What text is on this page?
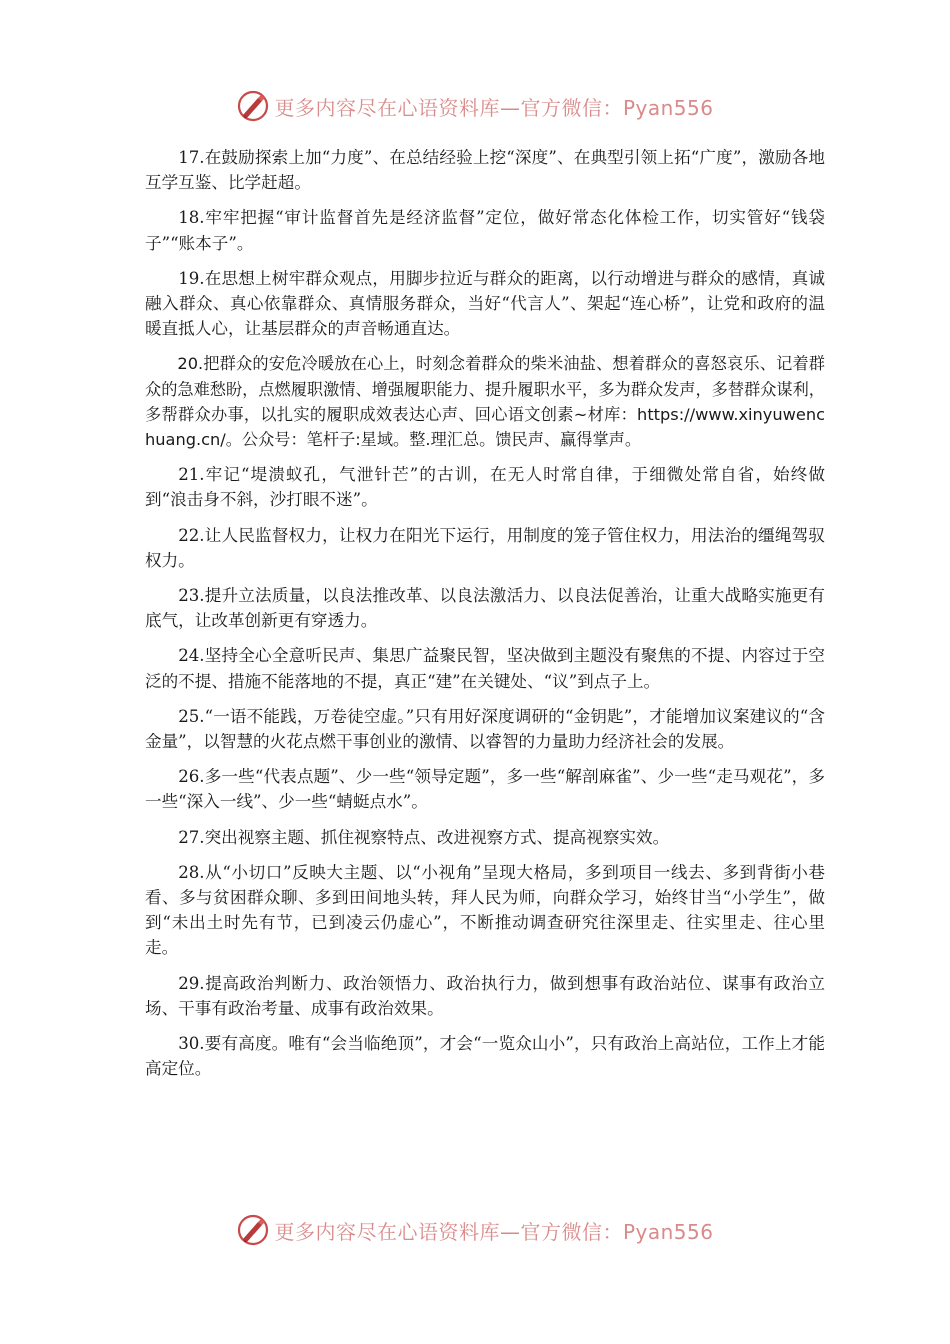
更多内容尽在心语资料库—官方微信：Pyan556

17.在鼓励探索上加“力度”、在总结经验上挖“深度”、在典型引领上拓“广度”，激励各地互学互鉴、比学赶超。

18.牢牢把握“审计监督首先是经济监督”定位，做好常态化体检工作，切实管好“钱袋子”“账本子”。

19.在思想上树牢群众观点，用脚步拉近与群众的距离，以行动增进与群众的感情，真诚融入群众、真心依靠群众、真情服务群众，当好“代言人”、架起“连心桥”，让党和政府的温暖直抵人心，让基层群众的声音畅通直达。

20.把群众的安危冷暖放在心上，时刻念着群众的柴米油盐、想着群众的喜怒哀乐、记着群众的急难愁盼，点燃履职激情、增强履职能力、提升履职水平，多为群众发声，多替群众谋利，多帮群众办事，以扎实的履职成效表达心声、回心语文创素~材库：https://www.xinyuwenchuang.cn/。公众号：笔杆子:星域。整.理汇总。馈民声、赢得掌声。

21.牢记“堤溃蚁孔，气泄针芒”的古训，在无人时常自律，于细微处常自省，始终做到“浪击身不斜，沙打眼不迷”。

22.让人民监督权力，让权力在阳光下运行，用制度的笼子管住权力，用法治的缰绳驾驭权力。

23.提升立法质量，以良法推改革、以良法激活力、以良法促善治，让重大战略实施更有底气，让改革创新更有穿透力。

24.坚持全心全意听民声、集思广益聚民智，坚决做到主题没有聚焦的不提、内容过于空泛的不提、措施不能落地的不提，真正“建”在关键处、“议”到点子上。

25.“一语不能践，万卷徒空虚。”只有用好深度调研的“金钥匙”，才能增加议案建议的“含金量”，以智慧的火花点燃干事创业的激情、以睿智的力量助力经济社会的发展。

26.多一些“代表点题”、少一些“领导定题”，多一些“解剖麻雀”、少一些“走马观花”，多一些“深入一线”、少一些“蜻蜓点水”。

27.突出视察主题、抓住视察特点、改进视察方式、提高视察实效。

28.从“小切口”反映大主题、以“小视角”呈现大格局，多到项目一线去、多到背街小巷看、多与贫困群众聊、多到田间地头转，拜人民为师，向群众学习，始终甘当“小学生”，做到“未出土时先有节，已到凌云仍虚心”，不断推动调查研究往深里走、往实里走、往心里走。

29.提高政治判断力、政治领悟力、政治执行力，做到想事有政治站位、谋事有政治立场、干事有政治考量、成事有政治效果。

30.要有高度。唯有“会当临绝顶”，才会“一览众山小”，只有政治上高站位，工作上才能高定位。

更多内容尽在心语资料库—官方微信：Pyan556
